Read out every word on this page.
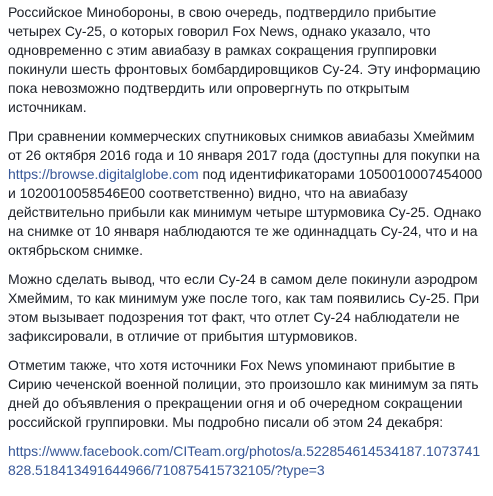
Российское Минобороны, в свою очередь, подтвердило прибытие четырех Су-25, о которых говорил Fox News, однако указало, что одновременно с этим авиабазу в рамках сокращения группировки покинули шесть фронтовых бомбардировщиков Су-24. Эту информацию пока невозможно подтвердить или опровергнуть по открытым источникам.

При сравнении коммерческих спутниковых снимков авиабазы Хмеймим от 26 октября 2016 года и 10 января 2017 года (доступны для покупки на https://browse.digitalglobe.com под идентификаторами 1050010007454000 и 1020010058546E00 соответственно) видно, что на авиабазу действительно прибыли как минимум четыре штурмовика Су-25. Однако на снимке от 10 января наблюдаются те же одиннадцать Су-24, что и на октябрьском снимке.

Можно сделать вывод, что если Су-24 в самом деле покинули аэродром Хмеймим, то как минимум уже после того, как там появились Су-25. При этом вызывает подозрения тот факт, что отлет Су-24 наблюдатели не зафиксировали, в отличие от прибытия штурмовиков.

Отметим также, что хотя источники Fox News упоминают прибытие в Сирию чеченской военной полиции, это произошло как минимум за пять дней до объявления о прекращении огня и об очередном сокращении российской группировки. Мы подробно писали об этом 24 декабря:

https://www.facebook.com/CITeam.org/photos/a.522854614534187.1073741828.518413491644966/710875415732105/?type=3
